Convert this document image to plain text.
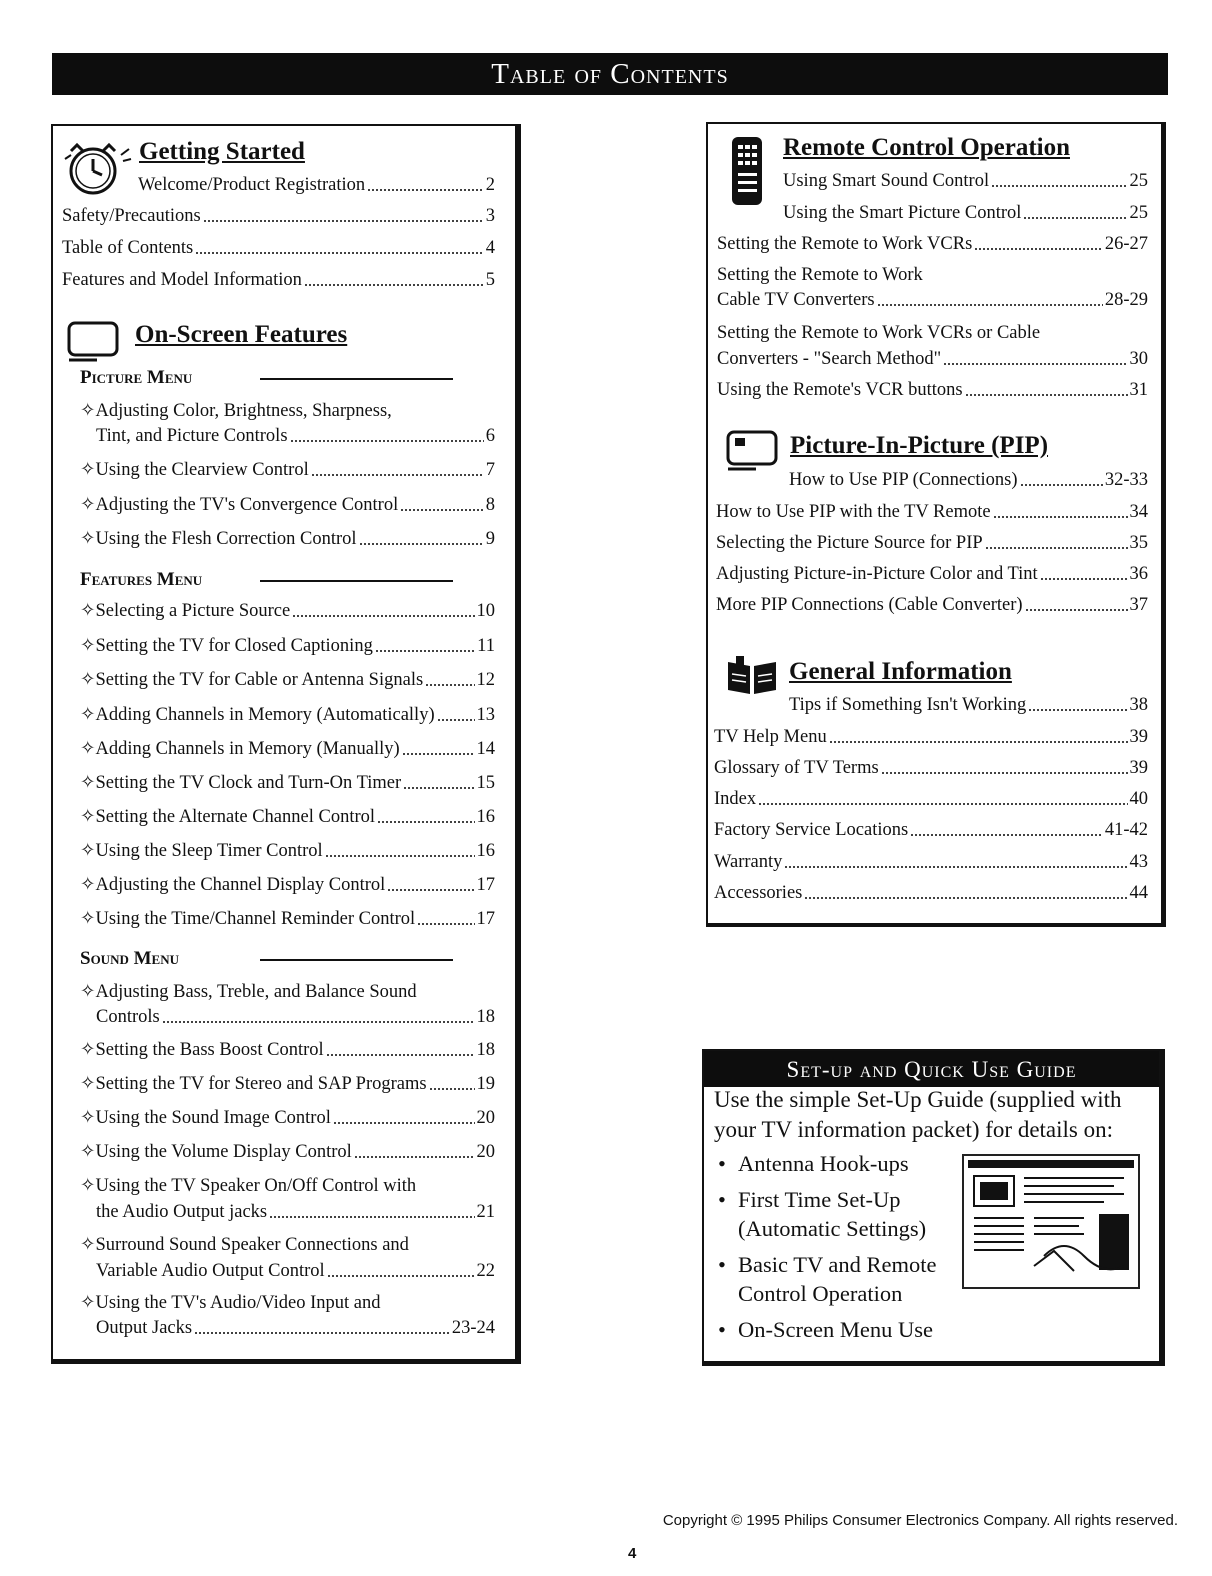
Table of Contents
Getting Started
Welcome/Product Registration	2
Safety/Precautions	3
Table of Contents	4
Features and Model Information	5
On-Screen Features
Picture Menu
✧Adjusting Color, Brightness, Sharpness,
Tint, and Picture Controls	6
✧Using the Clearview Control	7
✧Adjusting the TV's Convergence Control	8
✧Using the Flesh Correction Control	9
Features Menu
✧Selecting a Picture Source	10
✧Setting the TV for Closed Captioning	11
✧Setting the TV for Cable or Antenna Signals	12
✧Adding Channels in Memory (Automatically) 13
✧Adding Channels in Memory (Manually)	14
✧Setting the TV Clock and Turn-On Timer	15
✧Setting the Alternate Channel Control	16
✧Using the Sleep Timer Control	16
✧Adjusting the Channel Display Control	17
✧Using the Time/Channel Reminder Control	17
Sound Menu
✧Adjusting Bass, Treble, and Balance Sound
Controls	18
✧Setting the Bass Boost Control	18
✧Setting the TV for Stereo and SAP Programs	19
✧Using the Sound Image Control	20
✧Using the Volume Display Control	20
✧Using the TV Speaker On/Off Control with
the Audio Output jacks	21
✧Surround Sound Speaker Connections and
Variable Audio Output Control	22
✧Using the TV's Audio/Video Input and
Output Jacks	23-24
Remote Control Operation
Using Smart Sound Control	25
Using the Smart Picture Control	25
Setting the Remote to Work VCRs	26-27
Setting the Remote to Work
Cable TV Converters	28-29
Setting the Remote to Work VCRs or Cable
Converters - "Search Method"	30
Using the Remote's VCR buttons	31
Picture-In-Picture (PIP)
How to Use PIP (Connections)	32-33
How to Use PIP with the TV Remote	34
Selecting the Picture Source for PIP	35
Adjusting Picture-in-Picture Color and Tint	36
More PIP Connections (Cable Converter)	37
General Information
Tips if Something Isn't Working	38
TV Help Menu	39
Glossary of TV Terms	39
Index	40
Factory Service Locations	41-42
Warranty	43
Accessories	44
Set-up and Quick Use Guide
Use the simple Set-Up Guide (supplied with your TV information packet) for details on:
• Antenna Hook-ups
• First Time Set-Up (Automatic Settings)
• Basic TV and Remote Control Operation
• On-Screen Menu Use
Copyright © 1995 Philips Consumer Electronics Company. All rights reserved.
4
